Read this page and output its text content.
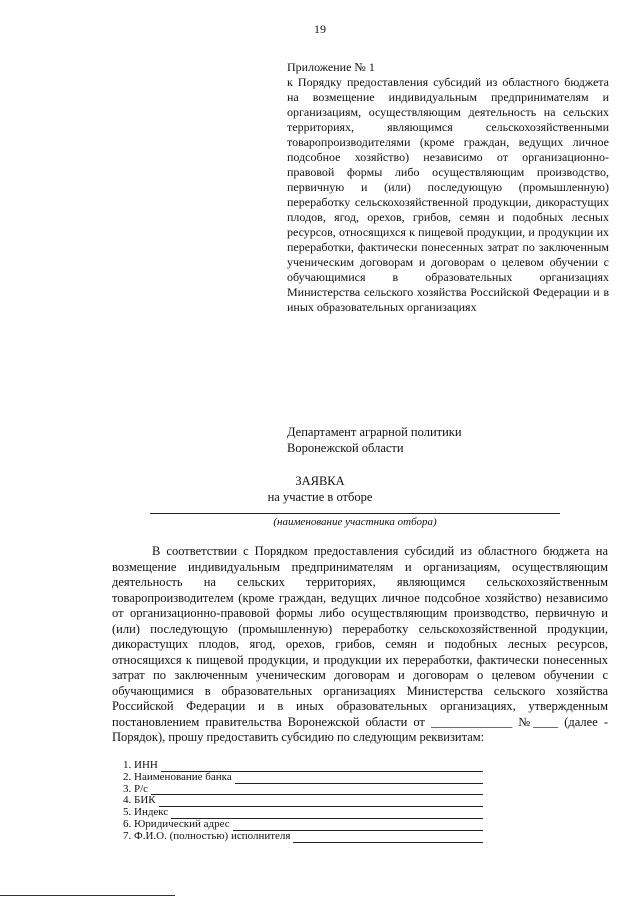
19

Приложение № 1

к Порядку предоставления субсидий из областного бюджета на возмещение индивидуальным предпринимателям и организациям, осуществляющим деятельность на сельских территориях, являющимся сельскохозяйственными товаропроизводителями (кроме граждан, ведущих личное подсобное хозяйство) независимо от организационно-правовой формы либо осуществляющим производство, первичную и (или) последующую (промышленную) переработку сельскохозяйственной продукции, дикорастущих плодов, ягод, орехов, грибов, семян и подобных лесных ресурсов, относящихся к пищевой продукции, и продукции их переработки, фактически понесенных затрат по заключенным ученическим договорам и договорам о целевом обучении с обучающимися в образовательных организациях Министерства сельского хозяйства Российской Федерации и в иных образовательных организациях

Департамент аграрной политики
Воронежской области
ЗАЯВКА
на участие в отборе
(наименование участника отбора)

В соответствии с Порядком предоставления субсидий из областного бюджета на возмещение индивидуальным предпринимателям и организациям, осуществляющим деятельность на сельских территориях, являющимся сельскохозяйственным товаропроизводителем (кроме граждан, ведущих личное подсобное хозяйство) независимо от организационно-правовой формы либо осуществляющим производство, первичную и (или) последующую (промышленную) переработку сельскохозяйственной продукции, дикорастущих плодов, ягод, орехов, грибов, семян и подобных лесных ресурсов, относящихся к пищевой продукции, и продукции их переработки, фактически понесенных затрат по заключенным ученическим договорам и договорам о целевом обучении с обучающимися в образовательных организациях Министерства сельского хозяйства Российской Федерации и в иных образовательных организациях, утвержденным постановлением правительства Воронежской области от _____________ №____ (далее - Порядок), прошу предоставить субсидию по следующим реквизитам:

1. ИНН
2. Наименование банка
3. Р/с
4. БИК
5. Индекс
6. Юридический адрес
7. Ф.И.О. (полностью) исполнителя
